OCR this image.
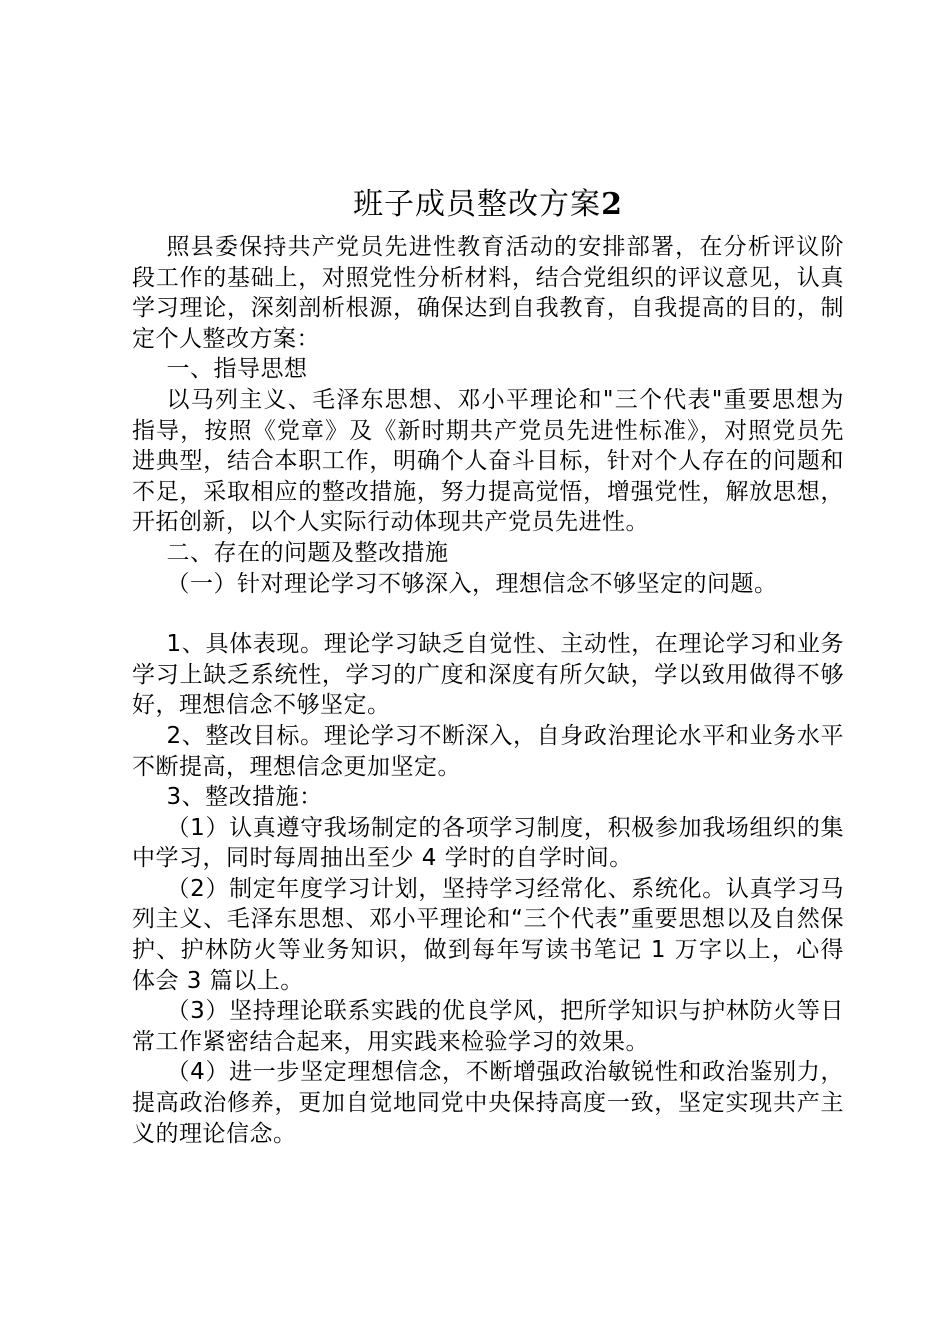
班子成员整改方案2

照县委保持共产党员先进性教育活动的安排部署，在分析评议阶段工作的基础上，对照党性分析材料，结合党组织的评议意见，认真学习理论，深刻剖析根源，确保达到自我教育，自我提高的目的，制定个人整改方案：

一、指导思想

以马列主义、毛泽东思想、邓小平理论和"三个代表"重要思想为指导，按照《党章》及《新时期共产党员先进性标准》，对照党员先进典型，结合本职工作，明确个人奋斗目标，针对个人存在的问题和不足，采取相应的整改措施，努力提高觉悟，增强党性，解放思想，开拓创新，以个人实际行动体现共产党员先进性。

二、存在的问题及整改措施

（一）针对理论学习不够深入，理想信念不够坚定的问题。

1、具体表现。理论学习缺乏自觉性、主动性，在理论学习和业务学习上缺乏系统性，学习的广度和深度有所欠缺，学以致用做得不够好，理想信念不够坚定。

2、整改目标。理论学习不断深入，自身政治理论水平和业务水平不断提高，理想信念更加坚定。

3、整改措施：

（1）认真遵守我场制定的各项学习制度，积极参加我场组织的集中学习，同时每周抽出至少 4 学时的自学时间。

（2）制定年度学习计划，坚持学习经常化、系统化。认真学习马列主义、毛泽东思想、邓小平理论和“三个代表”重要思想以及自然保护、护林防火等业务知识，做到每年写读书笔记 1 万字以上，心得体会 3 篇以上。

（3）坚持理论联系实践的优良学风，把所学知识与护林防火等日常工作紧密结合起来，用实践来检验学习的效果。

（4）进一步坚定理想信念，不断增强政治敏锐性和政治鉴别力，提高政治修养，更加自觉地同党中央保持高度一致，坚定实现共产主义的理论信念。
